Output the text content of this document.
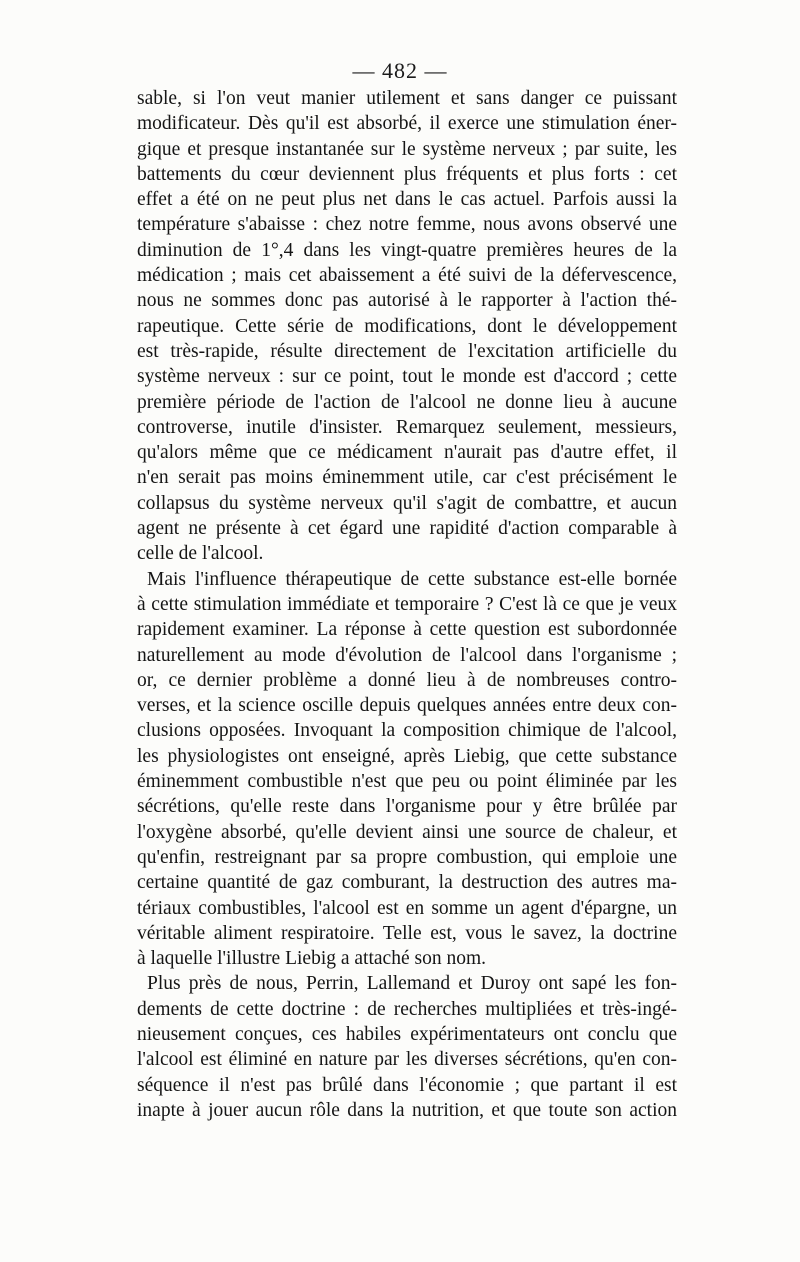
— 482 —
sable, si l'on veut manier utilement et sans danger ce puissant
modificateur. Dès qu'il est absorbé, il exerce une stimulation éner-
gique et presque instantanée sur le système nerveux ; par suite, les
battements du cœur deviennent plus fréquents et plus forts : cet
effet a été on ne peut plus net dans le cas actuel. Parfois aussi la
température s'abaisse : chez notre femme, nous avons observé une
diminution de 1°,4 dans les vingt-quatre premières heures de la
médication ; mais cet abaissement a été suivi de la défervescence,
nous ne sommes donc pas autorisé à le rapporter à l'action thé-
rapeutique. Cette série de modifications, dont le développement
est très-rapide, résulte directement de l'excitation artificielle du
système nerveux : sur ce point, tout le monde est d'accord ; cette
première période de l'action de l'alcool ne donne lieu à aucune
controverse, inutile d'insister. Remarquez seulement, messieurs,
qu'alors même que ce médicament n'aurait pas d'autre effet, il
n'en serait pas moins éminemment utile, car c'est précisément le
collapsus du système nerveux qu'il s'agit de combattre, et aucun
agent ne présente à cet égard une rapidité d'action comparable à
celle de l'alcool.
Mais l'influence thérapeutique de cette substance est-elle bornée
à cette stimulation immédiate et temporaire ? C'est là ce que je veux
rapidement examiner. La réponse à cette question est subordonnée
naturellement au mode d'évolution de l'alcool dans l'organisme ;
or, ce dernier problème a donné lieu à de nombreuses contro-
verses, et la science oscille depuis quelques années entre deux con-
clusions opposées. Invoquant la composition chimique de l'alcool,
les physiologistes ont enseigné, après Liebig, que cette substance
éminemment combustible n'est que peu ou point éliminée par les
sécrétions, qu'elle reste dans l'organisme pour y être brûlée par
l'oxygène absorbé, qu'elle devient ainsi une source de chaleur, et
qu'enfin, restreignant par sa propre combustion, qui emploie une
certaine quantité de gaz comburant, la destruction des autres ma-
tériaux combustibles, l'alcool est en somme un agent d'épargne, un
véritable aliment respiratoire. Telle est, vous le savez, la doctrine
à laquelle l'illustre Liebig a attaché son nom.
Plus près de nous, Perrin, Lallemand et Duroy ont sapé les fon-
dements de cette doctrine : de recherches multipliées et très-ingé-
nieusement conçues, ces habiles expérimentateurs ont conclu que
l'alcool est éliminé en nature par les diverses sécrétions, qu'en con-
séquence il n'est pas brûlé dans l'économie ; que partant il est
inapte à jouer aucun rôle dans la nutrition, et que toute son action
